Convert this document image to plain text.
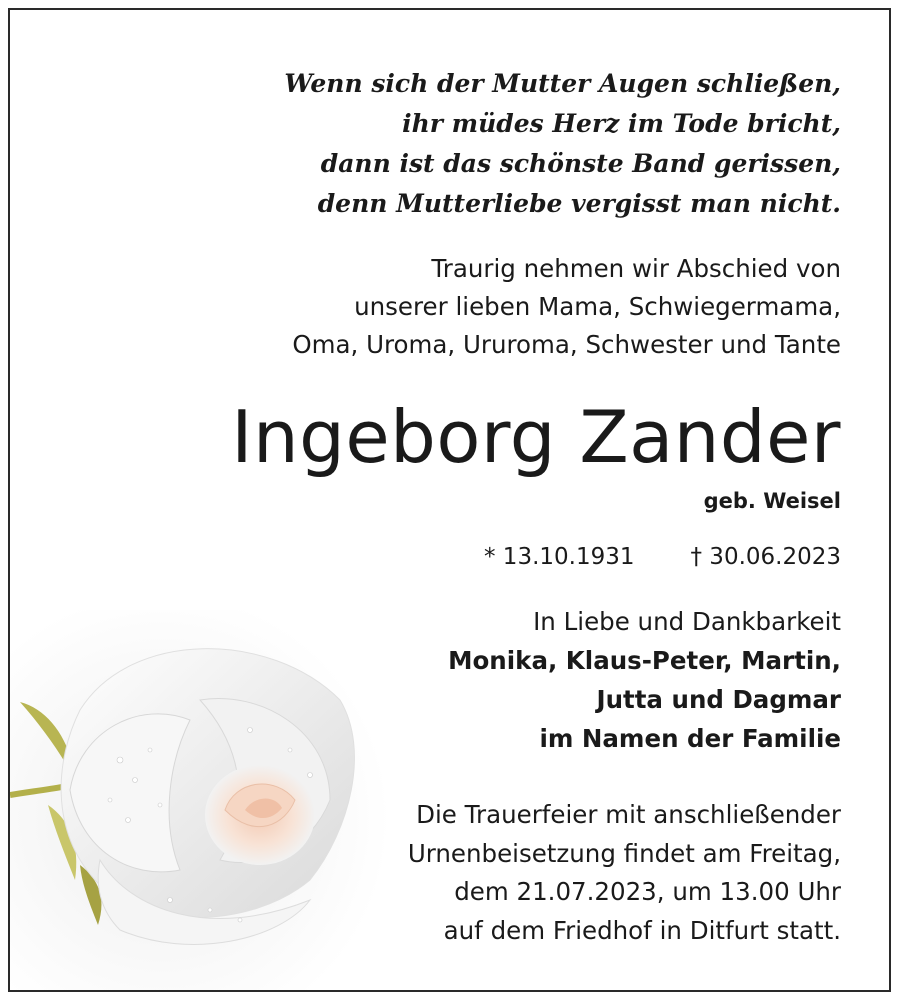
Wenn sich der Mutter Augen schließen,
ihr müdes Herz im Tode bricht,
dann ist das schönste Band gerissen,
denn Mutterliebe vergisst man nicht.
Traurig nehmen wir Abschied von
unserer lieben Mama, Schwiegermama,
Oma, Uroma, Ururoma, Schwester und Tante
Ingeborg Zander
geb. Weisel
* 13.10.1931 † 30.06.2023
In Liebe und Dankbarkeit
Monika, Klaus-Peter, Martin,
Jutta und Dagmar
im Namen der Familie
Die Trauerfeier mit anschließender
Urnenbeisetzung findet am Freitag,
dem 21.07.2023, um 13.00 Uhr
auf dem Friedhof in Ditfurt statt.
